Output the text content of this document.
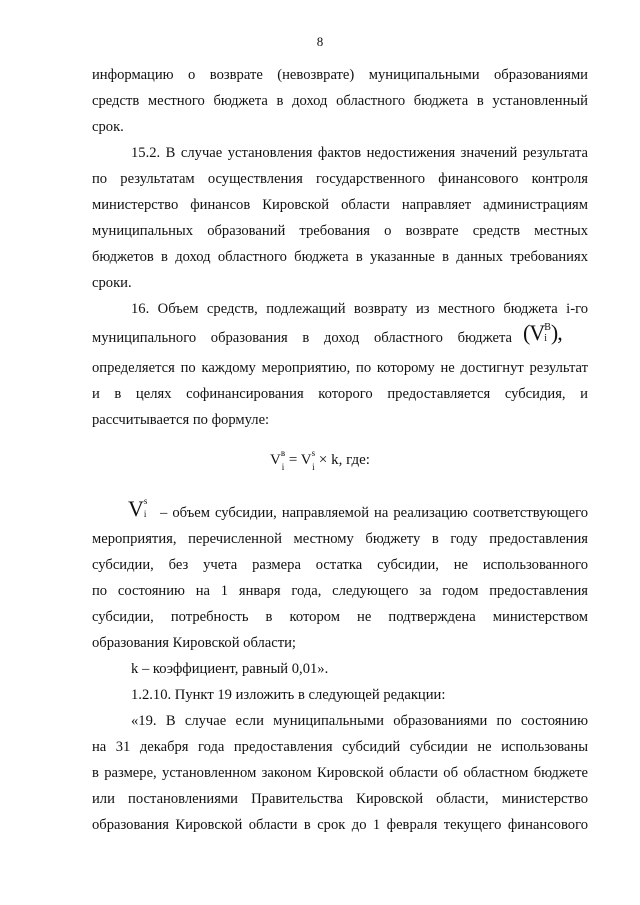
8
информацию о возврате (невозврате) муниципальными образованиями
средств местного бюджета в доход областного бюджета в установленный
срок.
15.2. В случае установления фактов недостижения значений результата
по результатам осуществления государственного финансового контроля
министерство финансов Кировской области направляет администрациям
муниципальных образований требования о возврате средств местных
бюджетов в доход областного бюджета в указанные в данных требованиях
сроки.
16. Объем средств, подлежащий возврату из местного бюджета i-го
муниципального образования в доход областного бюджета (V B
i ),
определяется по каждому мероприятию, по которому не достигнут результат
и в целях софинансирования которого предоставляется субсидия, и
рассчитывается по формуле:
V в
i = V s
i × k, где:
V s
i – объем субсидии, направляемой на реализацию соответствующего
мероприятия, перечисленной местному бюджету в году предоставления
субсидии, без учета размера остатка субсидии, не использованного
по состоянию на 1 января года, следующего за годом предоставления
субсидии, потребность в котором не подтверждена министерством
образования Кировской области;
k – коэффициент, равный 0,01».
1.2.10. Пункт 19 изложить в следующей редакции:
«19. В случае если муниципальными образованиями по состоянию
на 31 декабря года предоставления субсидий субсидии не использованы
в размере, установленном законом Кировской области об областном бюджете
или постановлениями Правительства Кировской области, министерство
образования Кировской области в срок до 1 февраля текущего финансового
